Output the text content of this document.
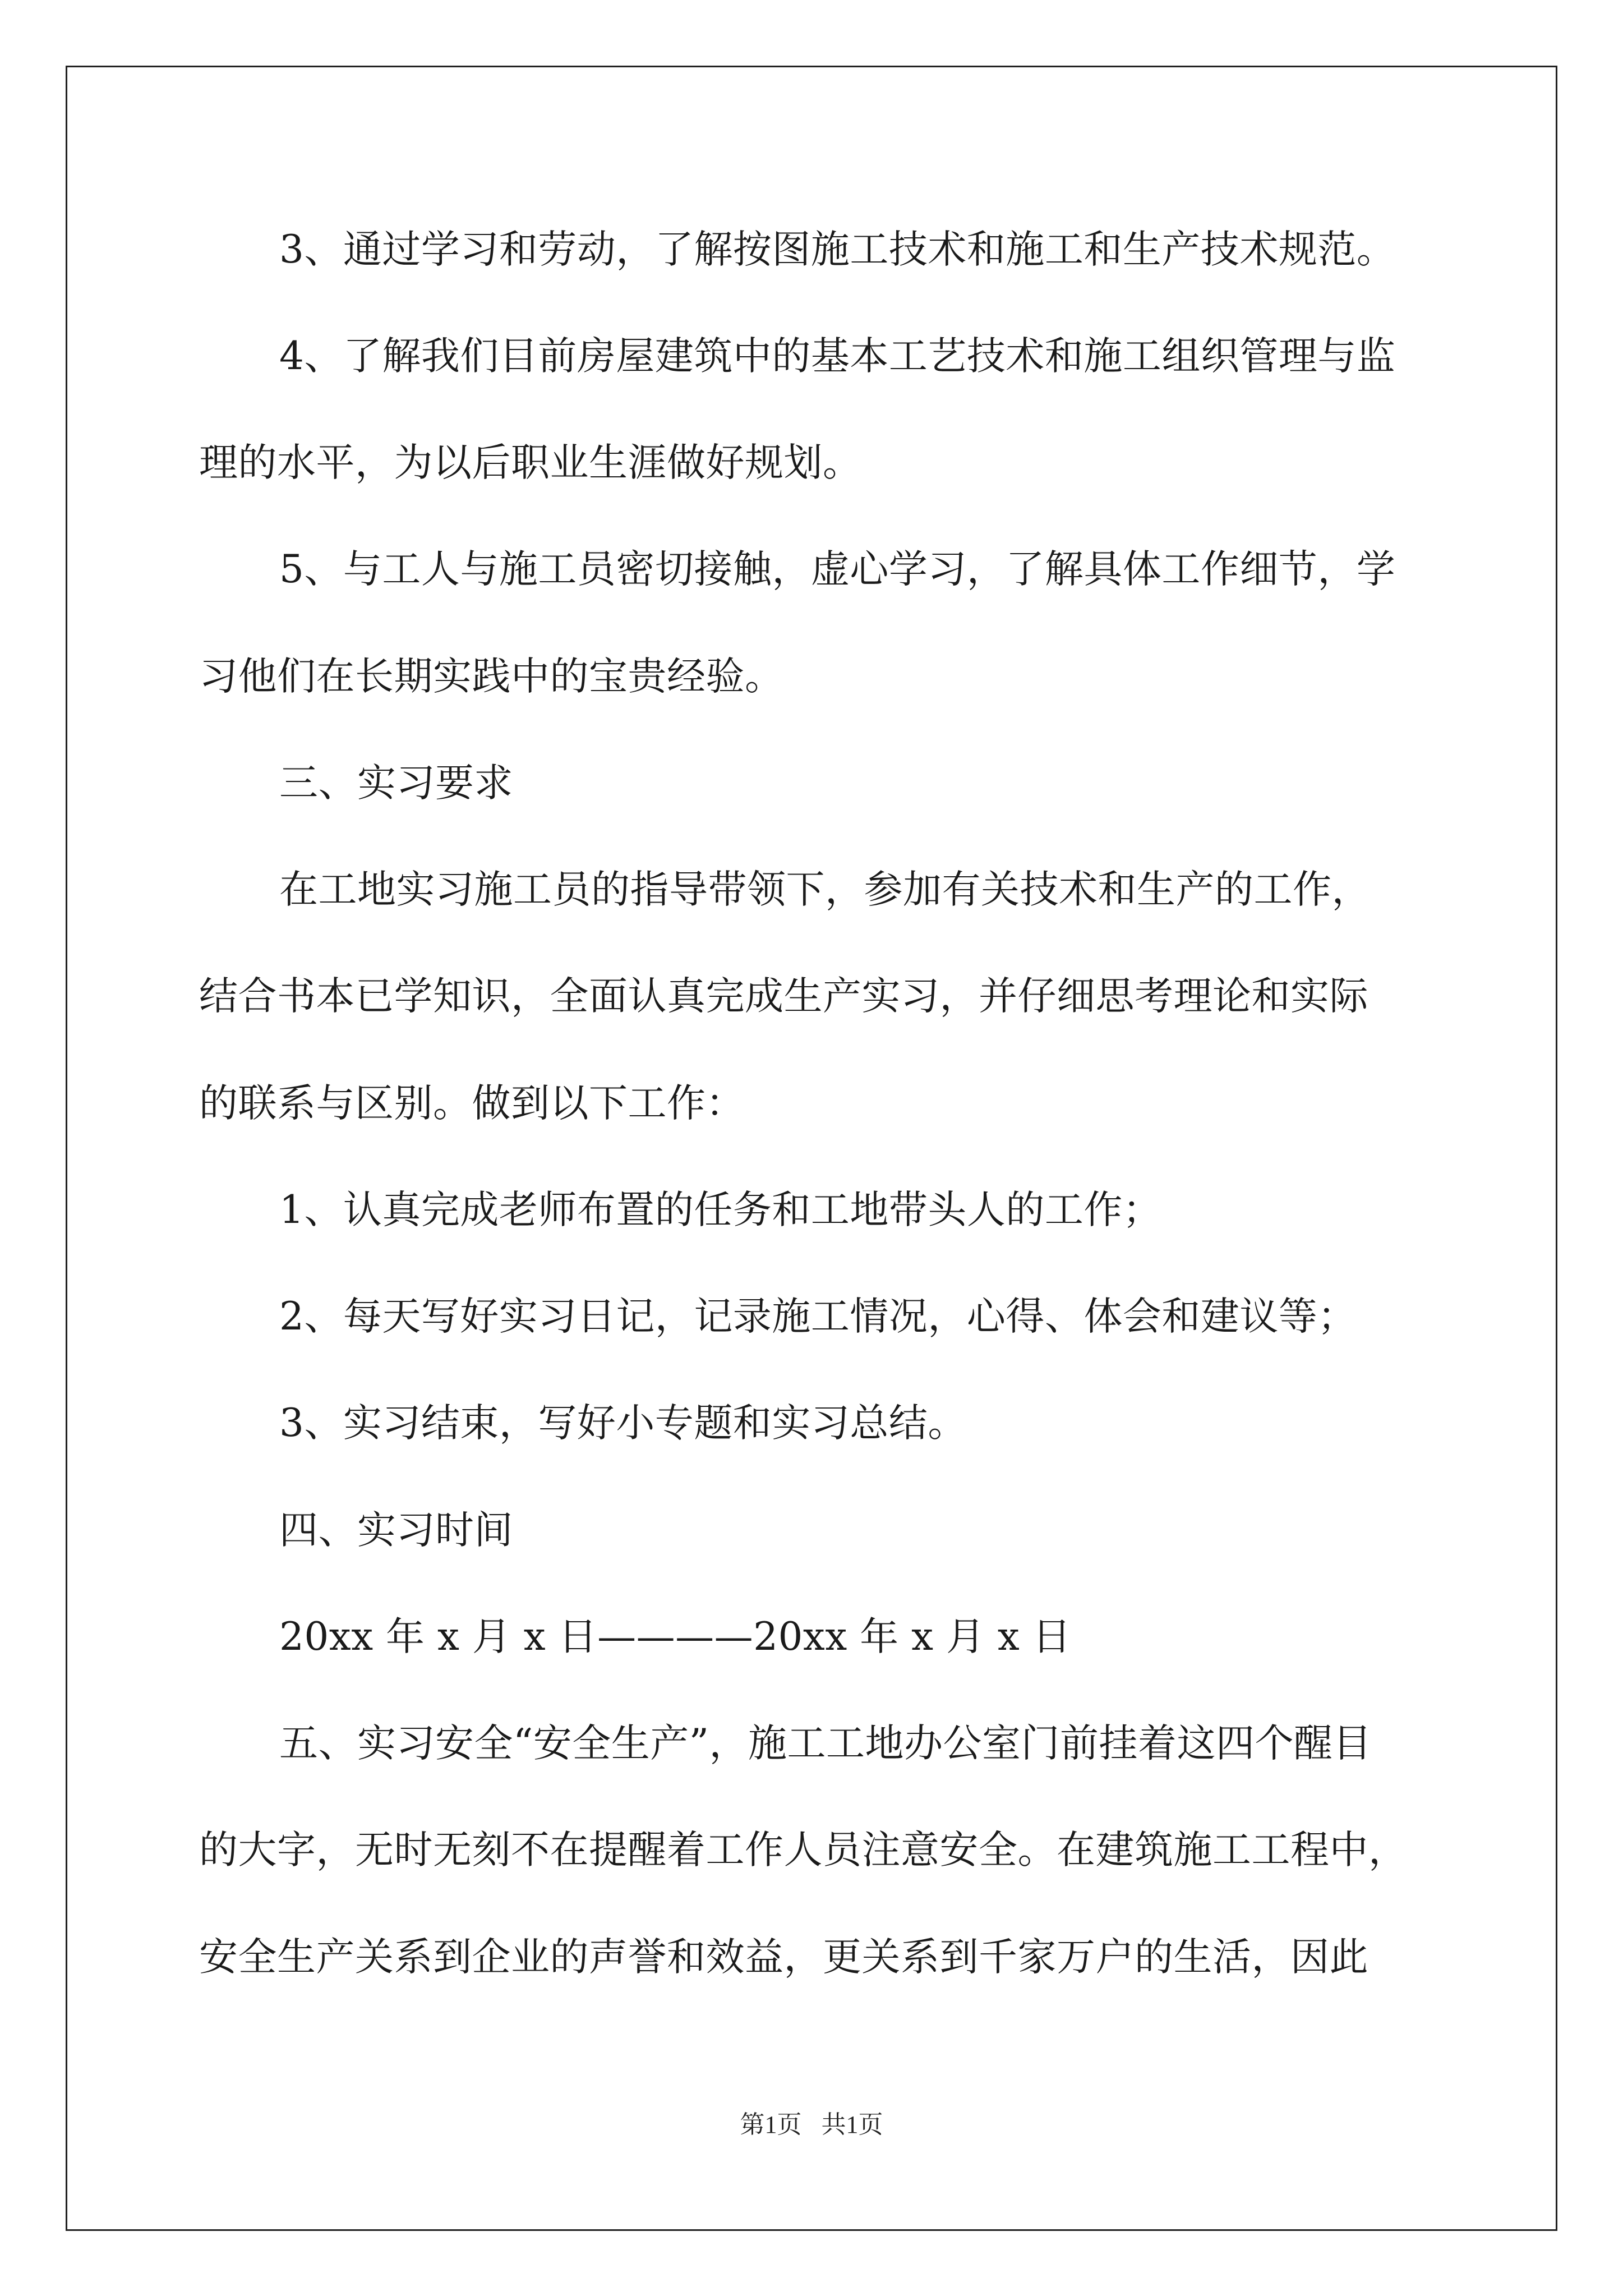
3、通过学习和劳动，了解按图施工技术和施工和生产技术规范。
4、了解我们目前房屋建筑中的基本工艺技术和施工组织管理与监
理的水平，为以后职业生涯做好规划。
5、与工人与施工员密切接触，虚心学习，了解具体工作细节，学
习他们在长期实践中的宝贵经验。
三、实习要求
在工地实习施工员的指导带领下，参加有关技术和生产的工作，
结合书本已学知识，全面认真完成生产实习，并仔细思考理论和实际
的联系与区别。做到以下工作：
1、认真完成老师布置的任务和工地带头人的工作；
2、每天写好实习日记，记录施工情况，心得、体会和建议等；
3、实习结束，写好小专题和实习总结。
四、实习时间
20xx 年 x 月 x 日————20xx 年 x 月 x 日
五、实习安全“安全生产”，施工工地办公室门前挂着这四个醒目
的大字，无时无刻不在提醒着工作人员注意安全。在建筑施工工程中，
安全生产关系到企业的声誉和效益，更关系到千家万户的生活，因此
第1页 共1页
